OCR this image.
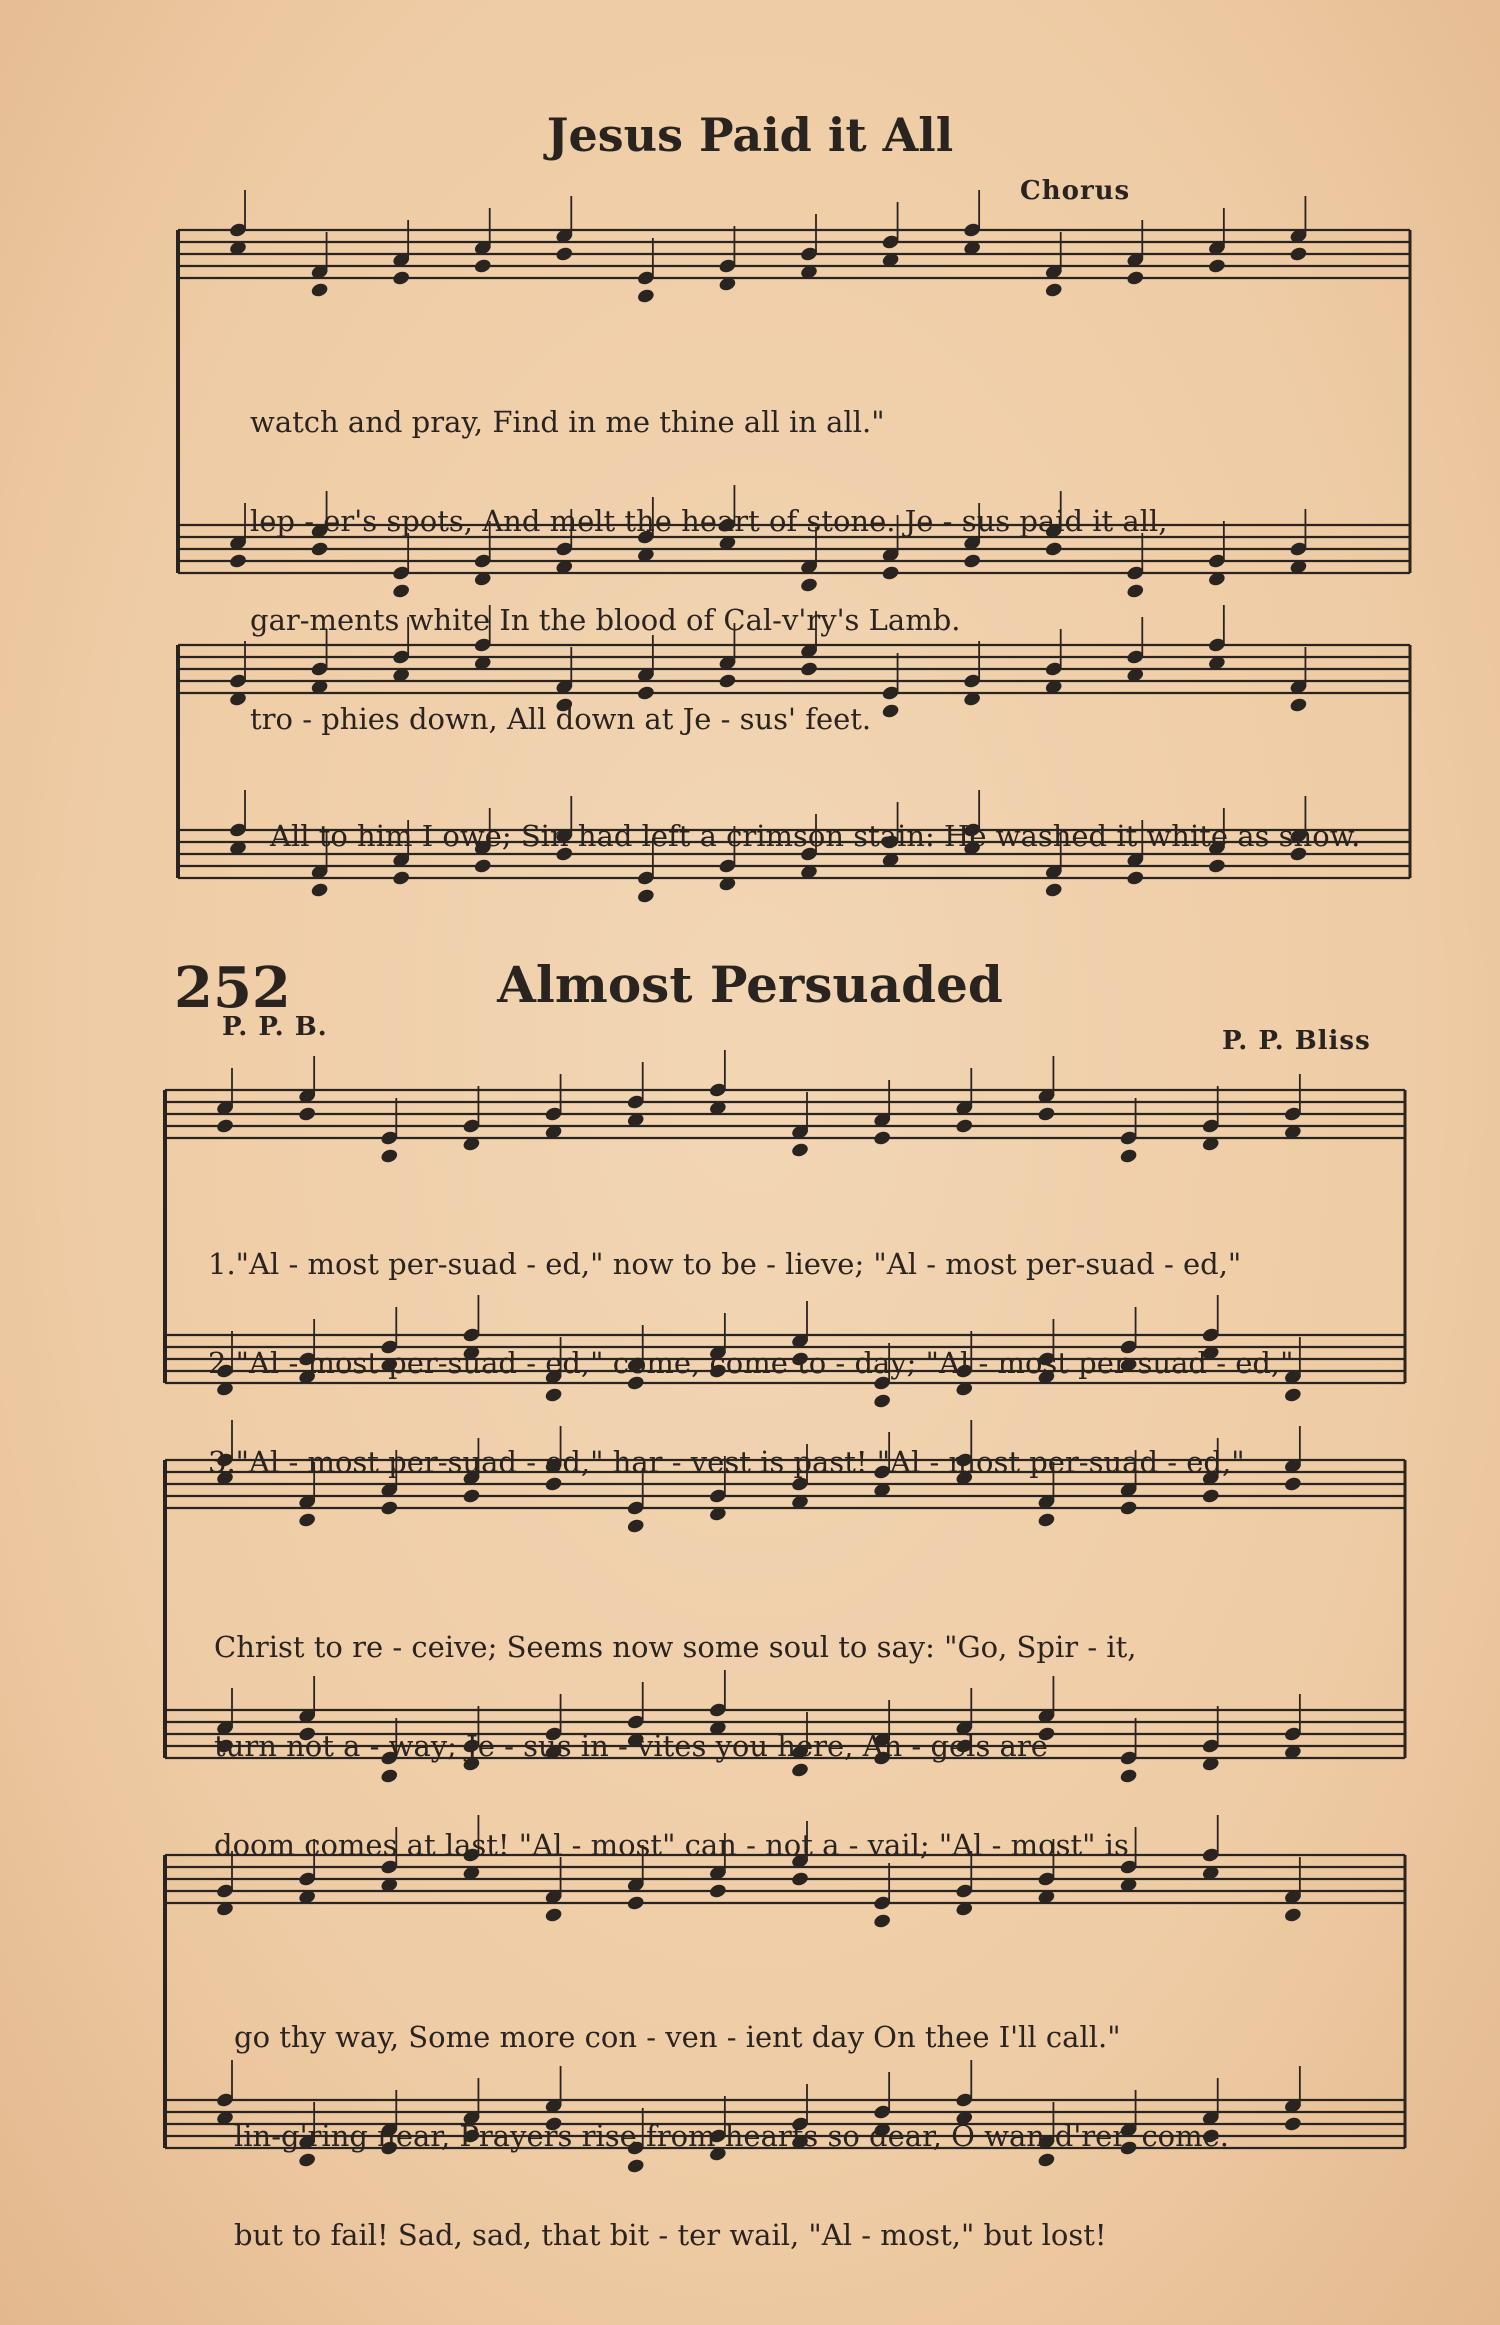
Jesus Paid it All
Chorus

watch and pray, Find in me thine all in all."

lep - er's spots, And melt the heart of stone. Je - sus paid it all,

gar-ments white In the blood of Cal-v'ry's Lamb.

tro - phies down, All down at Je - sus' feet.

All to him I owe; Sin had left a crimson stain: He washed it white as snow.

252	Almost Persuaded
P. P. B.	P. P. Bliss

1."Al - most per-suad - ed," now to be - lieve; "Al - most per-suad - ed,"

2."Al - most per-suad - ed," come, come to - day; "Al - most per-suad - ed,"

3."Al - most per-suad - ed," har - vest is past! "Al - most per-suad - ed,"

Christ to re - ceive; Seems now some soul to say: "Go, Spir - it,

turn not a - way; Je - sus in - vites you here, An - gels are

doom comes at last! "Al - most" can - not a - vail; "Al - most" is

go thy way, Some more con - ven - ient day On thee I'll call."

lin-g'ring near, Prayers rise from hearts so dear, O wan-d'rer, come.

but to fail! Sad, sad, that bit - ter wail, "Al - most," but lost!
